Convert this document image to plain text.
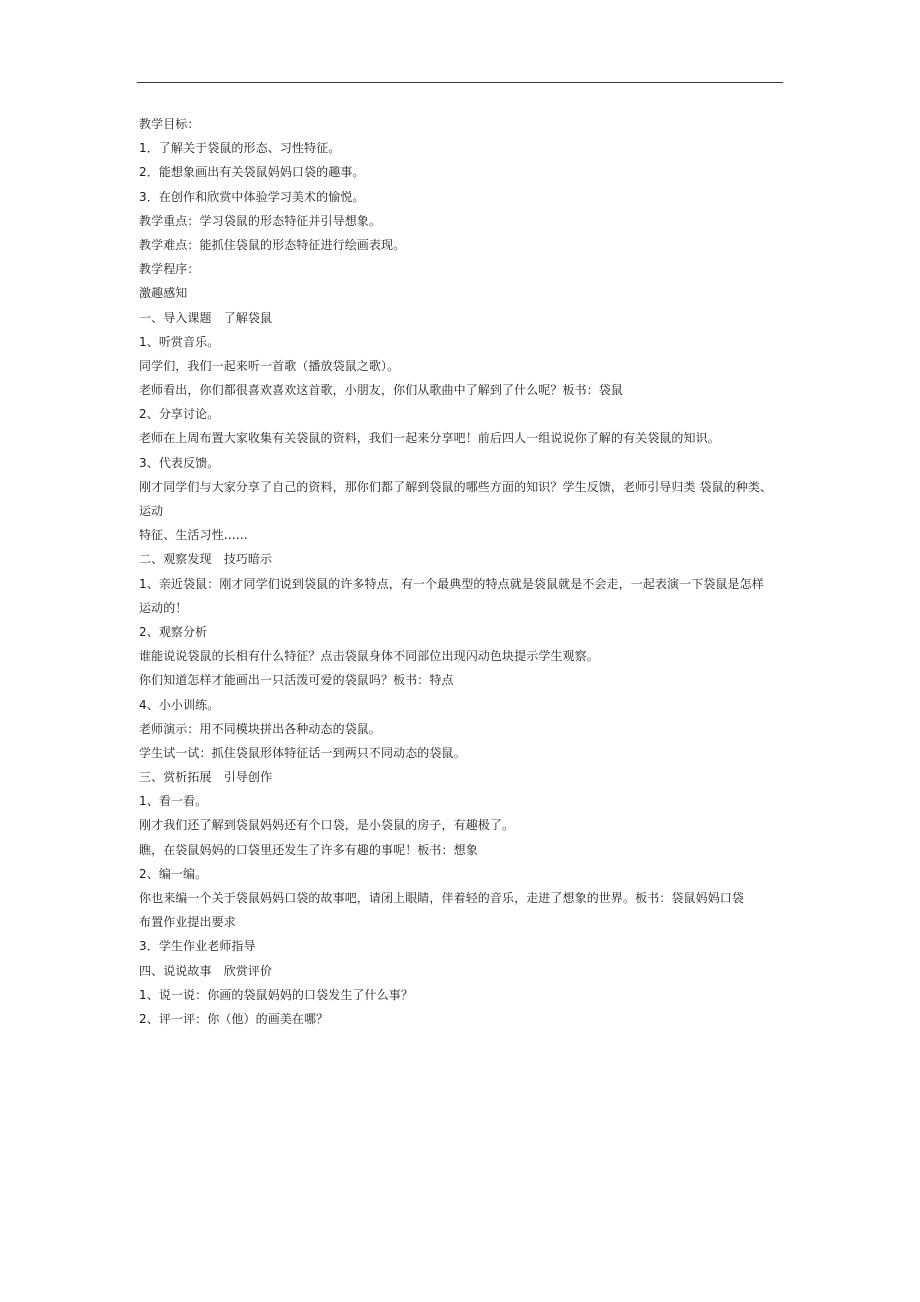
教学目标：
1．了解关于袋鼠的形态、习性特征。
2．能想象画出有关袋鼠妈妈口袋的趣事。
3．在创作和欣赏中体验学习美术的愉悦。
教学重点：学习袋鼠的形态特征并引导想象。
教学难点：能抓住袋鼠的形态特征进行绘画表现。
教学程序：
激趣感知
一、导入课题　了解袋鼠
1、听赏音乐。
同学们，我们一起来听一首歌（播放袋鼠之歌）。
老师看出，你们都很喜欢喜欢这首歌，小朋友，你们从歌曲中了解到了什么呢？板书：袋鼠
2、分享讨论。
老师在上周布置大家收集有关袋鼠的资料，我们一起来分享吧！前后四人一组说说你了解的有关袋鼠的知识。
3、代表反馈。
刚才同学们与大家分享了自己的资料，那你们都了解到袋鼠的哪些方面的知识？学生反馈，老师引导归类 袋鼠的种类、
运动
特征、生活习性……
二、观察发现　技巧暗示
1、亲近袋鼠：刚才同学们说到袋鼠的许多特点，有一个最典型的特点就是袋鼠就是不会走，一起表演一下袋鼠是怎样
运动的！
2、观察分析
谁能说说袋鼠的长相有什么特征？点击袋鼠身体不同部位出现闪动色块提示学生观察。
你们知道怎样才能画出一只活泼可爱的袋鼠吗？板书：特点
4、小小训练。
老师演示：用不同模块拼出各种动态的袋鼠。
学生试一试：抓住袋鼠形体特征话一到两只不同动态的袋鼠。
三、赏析拓展　引导创作
1、看一看。
刚才我们还了解到袋鼠妈妈还有个口袋，是小袋鼠的房子，有趣极了。
瞧，在袋鼠妈妈的口袋里还发生了许多有趣的事呢！板书：想象
2、编一编。
你也来编一个关于袋鼠妈妈口袋的故事吧，请闭上眼睛，伴着轻的音乐，走进了想象的世界。板书：袋鼠妈妈口袋
布置作业提出要求
3．学生作业老师指导
四、说说故事　欣赏评价
1、说一说：你画的袋鼠妈妈的口袋发生了什么事？
2、评一评：你（他）的画美在哪？
